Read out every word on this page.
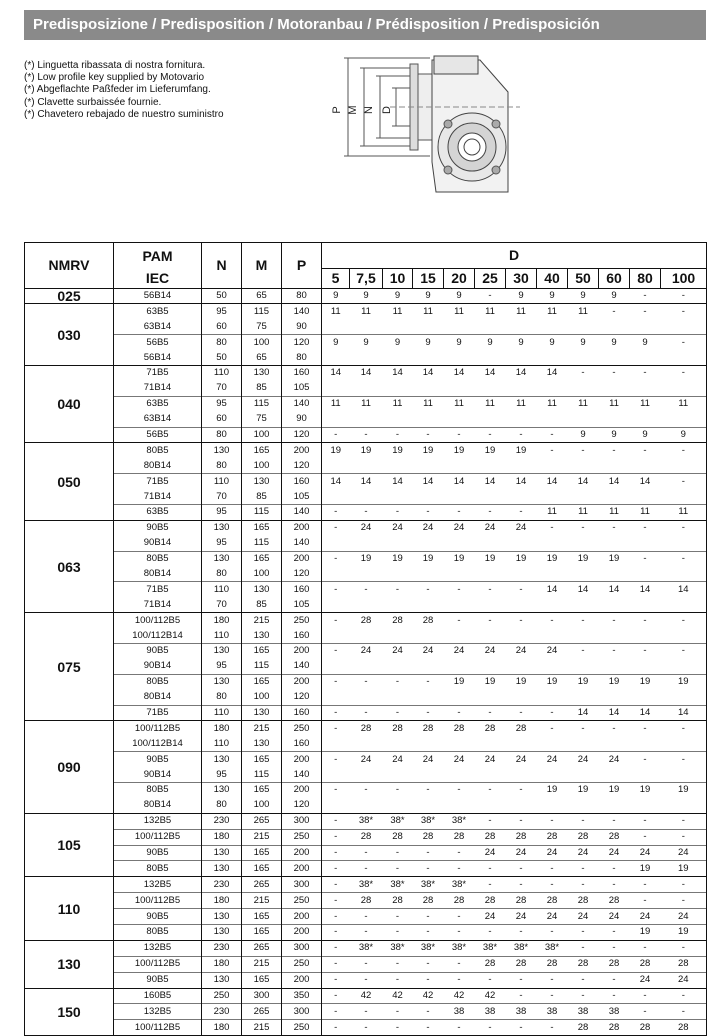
Predisposizione / Predisposition / Motoranbau / Prédisposition / Predisposición
(*) Linguetta ribassata di nostra fornitura.
(*) Low profile key supplied by Motovario
(*) Abgeflachte Paßfeder im Lieferumfang.
(*) Clavette surbaissée fournie.
(*) Chavetero rebajado de nuestro suministro	P M N D
NMRV	PAM	N	M	P	D											
	IEC				5	7,5	10	15	20	25	30	40	50	60	80	100
025	56B14	50	65	80	9	9	9	9	9	-	9	9	9	9	-	-
030	63B5	95	115	140	11	11	11	11	11	11	11	11	11	-	-	-
	63B14	60	75	90												
	56B5	80	100	120	9	9	9	9	9	9	9	9	9	9	9	-
	56B14	50	65	80												
040	71B5	110	130	160	14	14	14	14	14	14	14	14	-	-	-	-
	71B14	70	85	105												
	63B5	95	115	140	11	11	11	11	11	11	11	11	11	11	11	11
	63B14	60	75	90												
	56B5	80	100	120	-	-	-	-	-	-	-	-	9	9	9	9
050	80B5	130	165	200	19	19	19	19	19	19	19	-	-	-	-	-
	80B14	80	100	120												
	71B5	110	130	160	14	14	14	14	14	14	14	14	14	14	14	-
	71B14	70	85	105												
	63B5	95	115	140	-	-	-	-	-	-	-	11	11	11	11	11
063	90B5	130	165	200	-	24	24	24	24	24	24	-	-	-	-	-
	90B14	95	115	140												
	80B5	130	165	200	-	19	19	19	19	19	19	19	19	19	-	-
	80B14	80	100	120												
	71B5	110	130	160	-	-	-	-	-	-	-	14	14	14	14	14
	71B14	70	85	105												
075	100/112B5	180	215	250	-	28	28	28	-	-	-	-	-	-	-	-
	100/112B14	110	130	160												
	90B5	130	165	200	-	24	24	24	24	24	24	24	-	-	-	-
	90B14	95	115	140												
	80B5	130	165	200	-	-	-	-	19	19	19	19	19	19	19	19
	80B14	80	100	120												
	71B5	110	130	160	-	-	-	-	-	-	-	-	14	14	14	14
090	100/112B5	180	215	250	-	28	28	28	28	28	28	-	-	-	-	-
	100/112B14	110	130	160												
	90B5	130	165	200	-	24	24	24	24	24	24	24	24	24	-	-
	90B14	95	115	140												
	80B5	130	165	200	-	-	-	-	-	-	-	19	19	19	19	19
	80B14	80	100	120												
105	132B5	230	265	300	-	38*	38*	38*	38*	-	-	-	-	-	-	-
	100/112B5	180	215	250	-	28	28	28	28	28	28	28	28	28	-	-
	90B5	130	165	200	-	-	-	-	-	24	24	24	24	24	24	24
	80B5	130	165	200	-	-	-	-	-	-	-	-	-	-	19	19
110	132B5	230	265	300	-	38*	38*	38*	38*	-	-	-	-	-	-	-
	100/112B5	180	215	250	-	28	28	28	28	28	28	28	28	28	-	-
	90B5	130	165	200	-	-	-	-	-	24	24	24	24	24	24	24
	80B5	130	165	200	-	-	-	-	-	-	-	-	-	-	19	19
130	132B5	230	265	300	-	38*	38*	38*	38*	38*	38*	38*	-	-	-	-
	100/112B5	180	215	250	-	-	-	-	-	28	28	28	28	28	28	28
	90B5	130	165	200	-	-	-	-	-	-	-	-	-	-	24	24
150	160B5	250	300	350	-	42	42	42	42	42	-	-	-	-	-	-
	132B5	230	265	300	-	-	-	-	38	38	38	38	38	38	-	-
	100/112B5	180	215	250	-	-	-	-	-	-	-	-	28	28	28	28
